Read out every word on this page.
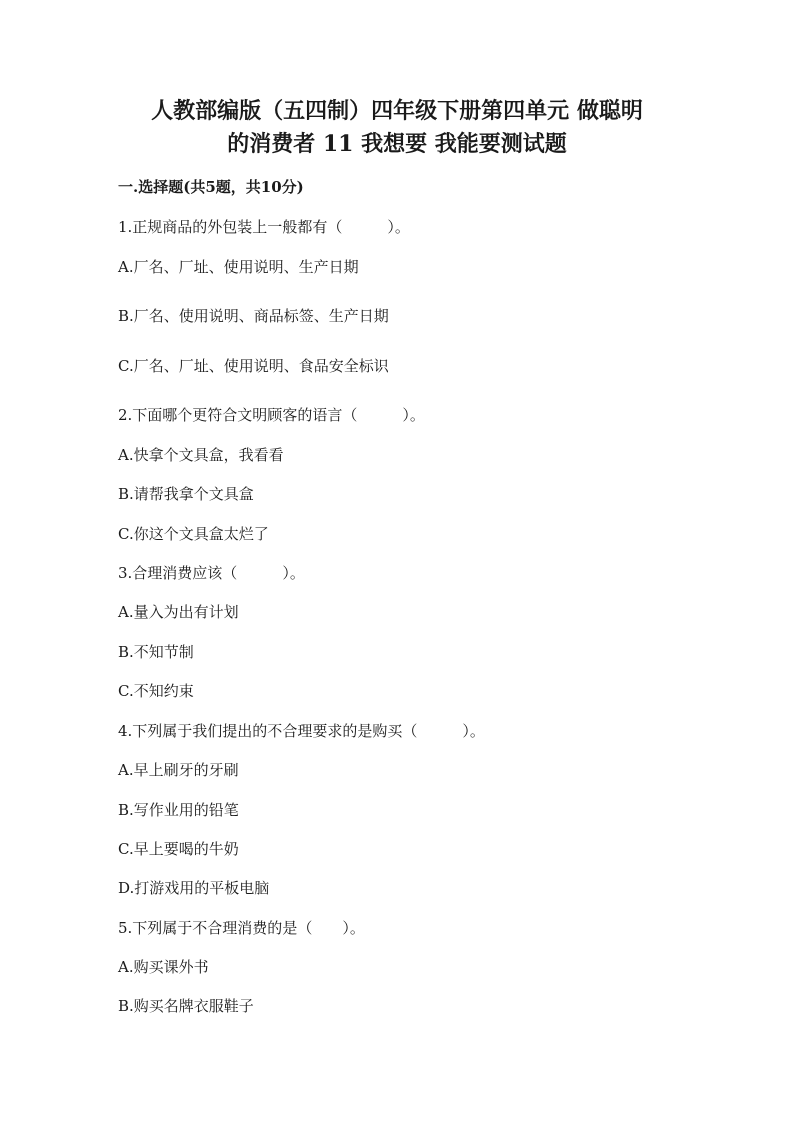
人教部编版（五四制）四年级下册第四单元 做聪明
的消费者 11 我想要 我能要测试题
一.选择题(共5题，共10分)
1.正规商品的外包装上一般都有（　　　）。
A.厂名、厂址、使用说明、生产日期
B.厂名、使用说明、商品标签、生产日期
C.厂名、厂址、使用说明、食品安全标识
2.下面哪个更符合文明顾客的语言（　　　）。
A.快拿个文具盒，我看看
B.请帮我拿个文具盒
C.你这个文具盒太烂了
3.合理消费应该（　　　）。
A.量入为出有计划
B.不知节制
C.不知约束
4.下列属于我们提出的不合理要求的是购买（　　　）。
A.早上刷牙的牙刷
B.写作业用的铅笔
C.早上要喝的牛奶
D.打游戏用的平板电脑
5.下列属于不合理消费的是（　　）。
A.购买课外书
B.购买名牌衣服鞋子
